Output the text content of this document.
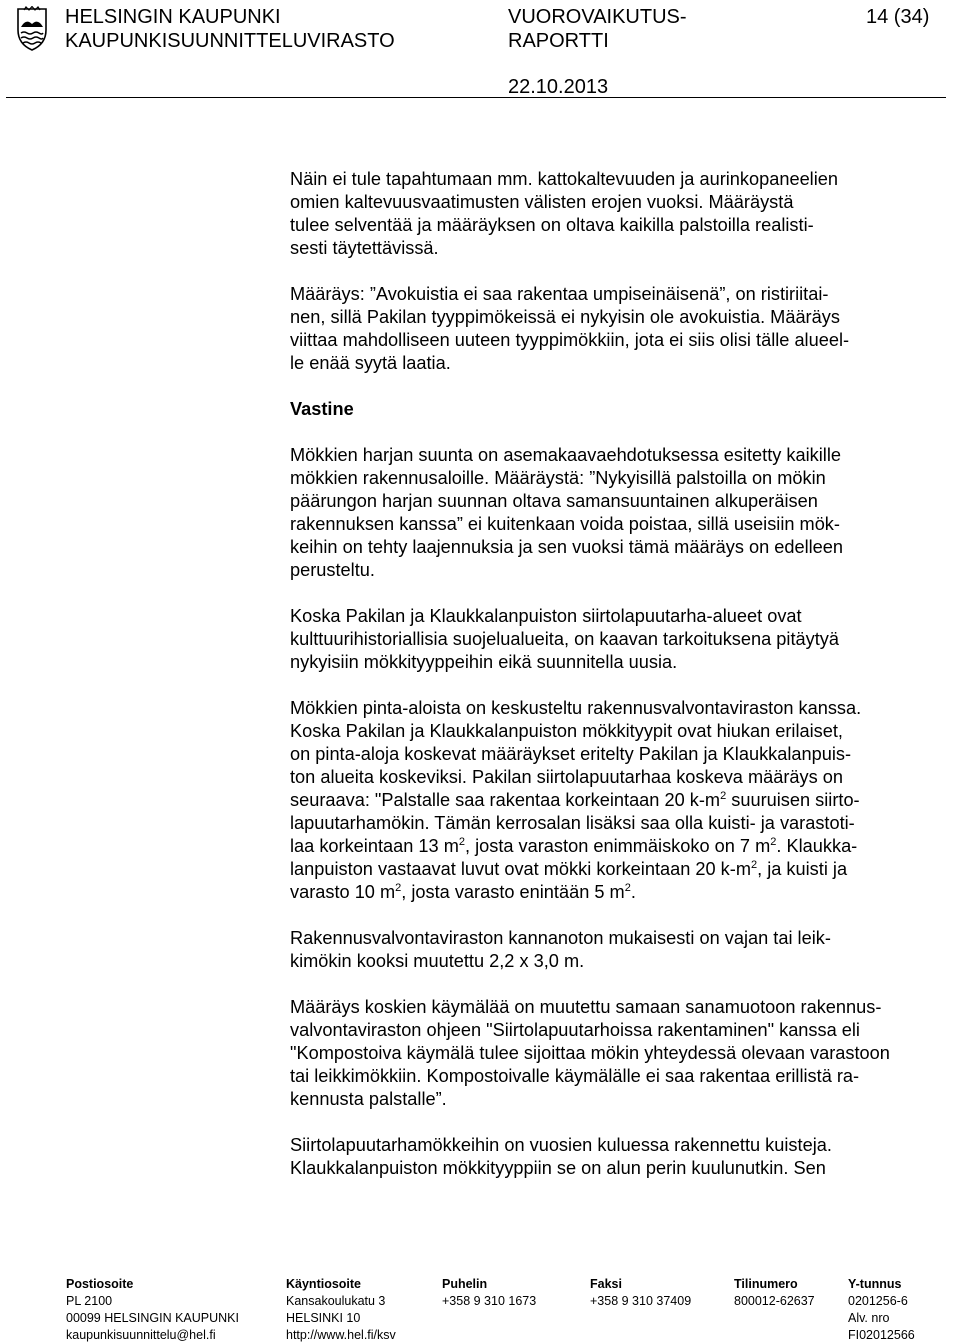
HELSINGIN KAUPUNKI
KAUPUNKISUUNNITTELUVIRASTO
VUOROVAIKUTUS-
RAPORTTI
14 (34)
22.10.2013

Näin ei tule tapahtumaan mm. kattokaltevuuden ja aurinkopaneelien
omien kaltevuusvaatimusten välisten erojen vuoksi. Määräystä
tulee selventää ja määräyksen on oltava kaikilla palstoilla realisti-
sesti täytettävissä.

Määräys: ”Avokuistia ei saa rakentaa umpiseinäisenä”, on ristiriitai-
nen, sillä Pakilan tyyppimökeissä ei nykyisin ole avokuistia. Määräys
viittaa mahdolliseen uuteen tyyppimökkiin, jota ei siis olisi tälle alueel-
le enää syytä laatia.

Vastine

Mökkien harjan suunta on asemakaavaehdotuksessa esitetty kaikille
mökkien rakennusaloille. Määräystä: ”Nykyisillä palstoilla on mökin
päärungon harjan suunnan oltava samansuuntainen alkuperäisen
rakennuksen kanssa” ei kuitenkaan voida poistaa, sillä useisiin mök-
keihin on tehty laajennuksia ja sen vuoksi tämä määräys on edelleen
perusteltu.

Koska Pakilan ja Klaukkalanpuiston siirtolapuutarha-alueet ovat
kulttuurihistoriallisia suojelualueita, on kaavan tarkoituksena pitäytyä
nykyisiin mökkityyppeihin eikä suunnitella uusia.

Mökkien pinta-aloista on keskusteltu rakennusvalvontaviraston kanssa.
Koska Pakilan ja Klaukkalanpuiston mökkityypit ovat hiukan erilaiset,
on pinta-aloja koskevat määräykset eritelty Pakilan ja Klaukkalanpuis-
ton alueita koskeviksi. Pakilan siirtolapuutarhaa koskeva määräys on
seuraava: "Palstalle saa rakentaa korkeintaan 20 $k-m^2$ suuruisen siirto-
lapuutarhamökin. Tämän kerrosalan lisäksi saa olla kuisti- ja varastoti-
laa korkeintaan 13 $m^2$, josta varaston enimmäiskoko on 7 $m^2$. Klaukka-
lanpuiston vastaavat luvut ovat mökki korkeintaan 20 $k-m^2$, ja kuisti ja
varasto 10 $m^2$, josta varasto enintään 5 $m^2$.

Rakennusvalvontaviraston kannanoton mukaisesti on vajan tai leik-
kimökin kooksi muutettu 2,2 x 3,0 m.

Määräys koskien käymälää on muutettu samaan sanamuotoon rakennus-
valvontaviraston ohjeen "Siirtolapuutarhoissa rakentaminen" kanssa eli
"Kompostoiva käymälä tulee sijoittaa mökin yhteydessä olevaan varastoon
tai leikkimökkiin. Kompostoivalle käymälälle ei saa rakentaa erillistä ra-
kennusta palstalle”.

Siirtolapuutarhamökkeihin on vuosien kuluessa rakennettu kuisteja.
Klaukkalanpuiston mökkityyppiin se on alun perin kuulunutkin. Sen

Postiosoite
PL 2100
00099 HELSINGIN KAUPUNKI
kaupunkisuunnittelu@hel.fi
Käyntiosoite
Kansakoulukatu 3
HELSINKI 10
http://www.hel.fi/ksv
Puhelin
+358 9 310 1673
Faksi
+358 9 310 37409
Tilinumero
800012-62637
Y-tunnus
0201256-6
Alv. nro
FI02012566
